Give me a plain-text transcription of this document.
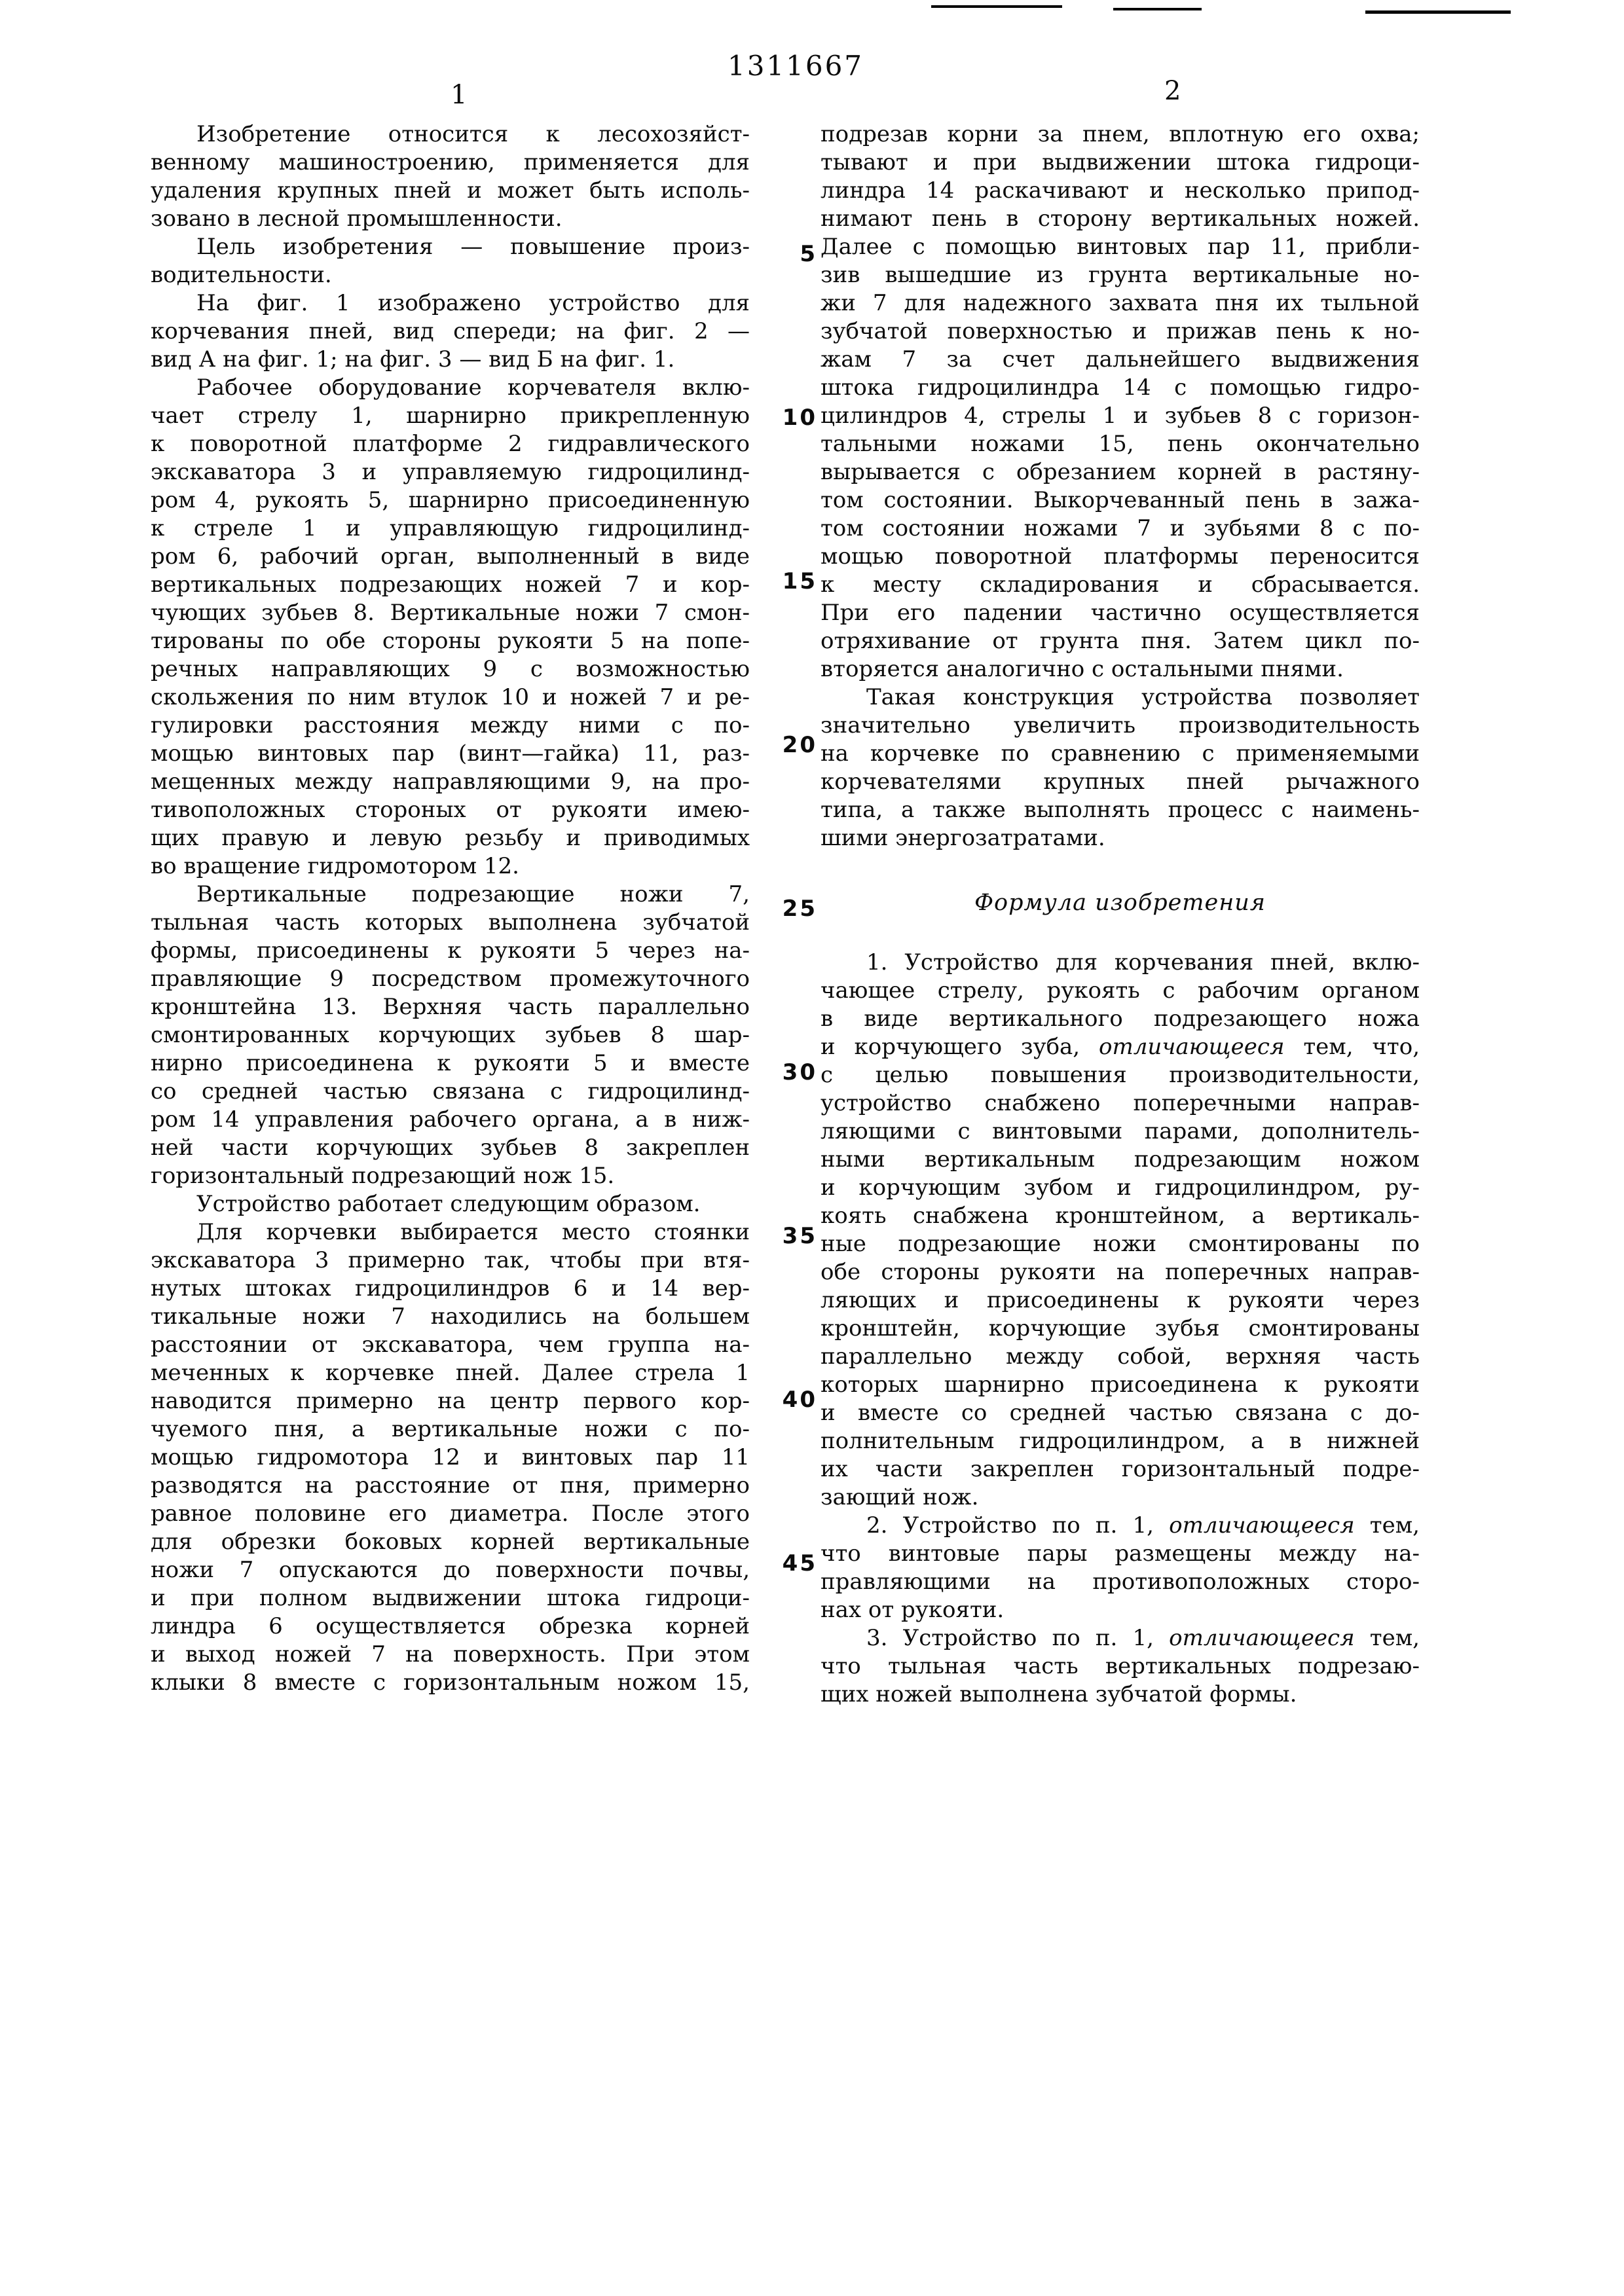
1311667
1	2
5
10
15
20
25
30
35
40
45
Изобретение относится к лесохозяйст-
венному машиностроению, применяется для
удаления крупных пней и может быть исполь-
зовано в лесной промышленности.
Цель изобретения — повышение произ-
водительности.
На фиг. 1 изображено устройство для
корчевания пней, вид спереди; на фиг. 2 —
вид А на фиг. 1; на фиг. 3 — вид Б на фиг. 1.
Рабочее оборудование корчевателя вклю-
чает стрелу 1, шарнирно прикрепленную
к поворотной платформе 2 гидравлического
экскаватора 3 и управляемую гидроцилинд-
ром 4, рукоять 5, шарнирно присоединенную
к стреле 1 и управляющую гидроцилинд-
ром 6, рабочий орган, выполненный в виде
вертикальных подрезающих ножей 7 и кор-
чующих зубьев 8. Вертикальные ножи 7 смон-
тированы по обе стороны рукояти 5 на попе-
речных направляющих 9 с возможностью
скольжения по ним втулок 10 и ножей 7 и ре-
гулировки расстояния между ними с по-
мощью винтовых пар (винт—гайка) 11, раз-
мещенных между направляющими 9, на про-
тивоположных стороных от рукояти имею-
щих правую и левую резьбу и приводимых
во вращение гидромотором 12.
Вертикальные подрезающие ножи 7,
тыльная часть которых выполнена зубчатой
формы, присоединены к рукояти 5 через на-
правляющие 9 посредством промежуточного
кронштейна 13. Верхняя часть параллельно
смонтированных корчующих зубьев 8 шар-
нирно присоединена к рукояти 5 и вместе
со средней частью связана с гидроцилинд-
ром 14 управления рабочего органа, а в ниж-
ней части корчующих зубьев 8 закреплен
горизонтальный подрезающий нож 15.
Устройство работает следующим образом.
Для корчевки выбирается место стоянки
экскаватора 3 примерно так, чтобы при втя-
нутых штоках гидроцилиндров 6 и 14 вер-
тикальные ножи 7 находились на большем
расстоянии от экскаватора, чем группа на-
меченных к корчевке пней. Далее стрела 1
наводится примерно на центр первого кор-
чуемого пня, а вертикальные ножи с по-
мощью гидромотора 12 и винтовых пар 11
разводятся на расстояние от пня, примерно
равное половине его диаметра. После этого
для обрезки боковых корней вертикальные
ножи 7 опускаются до поверхности почвы,
и при полном выдвижении штока гидроци-
линдра 6 осуществляется обрезка корней
и выход ножей 7 на поверхность. При этом
клыки 8 вместе с горизонтальным ножом 15,
подрезав корни за пнем, вплотную его охва;
тывают и при выдвижении штока гидроци-
линдра 14 раскачивают и несколько припод-
нимают пень в сторону вертикальных ножей.
Далее с помощью винтовых пар 11, прибли-
зив вышедшие из грунта вертикальные но-
жи 7 для надежного захвата пня их тыльной
зубчатой поверхностью и прижав пень к но-
жам 7 за счет дальнейшего выдвижения
штока гидроцилиндра 14 с помощью гидро-
цилиндров 4, стрелы 1 и зубьев 8 с горизон-
тальными ножами 15, пень окончательно
вырывается с обрезанием корней в растяну-
том состоянии. Выкорчеванный пень в зажа-
том состоянии ножами 7 и зубьями 8 с по-
мощью поворотной платформы переносится
к месту складирования и сбрасывается.
При его падении частично осуществляется
отряхивание от грунта пня. Затем цикл по-
вторяется аналогично с остальными пнями.
Такая конструкция устройства позволяет
значительно увеличить производительность
на корчевке по сравнению с применяемыми
корчевателями крупных пней рычажного
типа, а также выполнять процесс с наимень-
шими энергозатратами.
Формула изобретения
1. Устройство для корчевания пней, вклю-
чающее стрелу, рукоять с рабочим органом
в виде вертикального подрезающего ножа
и корчующего зуба, отличающееся тем, что,
с целью повышения производительности,
устройство снабжено поперечными направ-
ляющими с винтовыми парами, дополнитель-
ными вертикальным подрезающим ножом
и корчующим зубом и гидроцилиндром, ру-
коять снабжена кронштейном, а вертикаль-
ные подрезающие ножи смонтированы по
обе стороны рукояти на поперечных направ-
ляющих и присоединены к рукояти через
кронштейн, корчующие зубья смонтированы
параллельно между собой, верхняя часть
которых шарнирно присоединена к рукояти
и вместе со средней частью связана с до-
полнительным гидроцилиндром, а в нижней
их части закреплен горизонтальный подре-
зающий нож.
2. Устройство по п. 1, отличающееся тем,
что винтовые пары размещены между на-
правляющими на противоположных сторо-
нах от рукояти.
3. Устройство по п. 1, отличающееся тем,
что тыльная часть вертикальных подрезаю-
щих ножей выполнена зубчатой формы.
